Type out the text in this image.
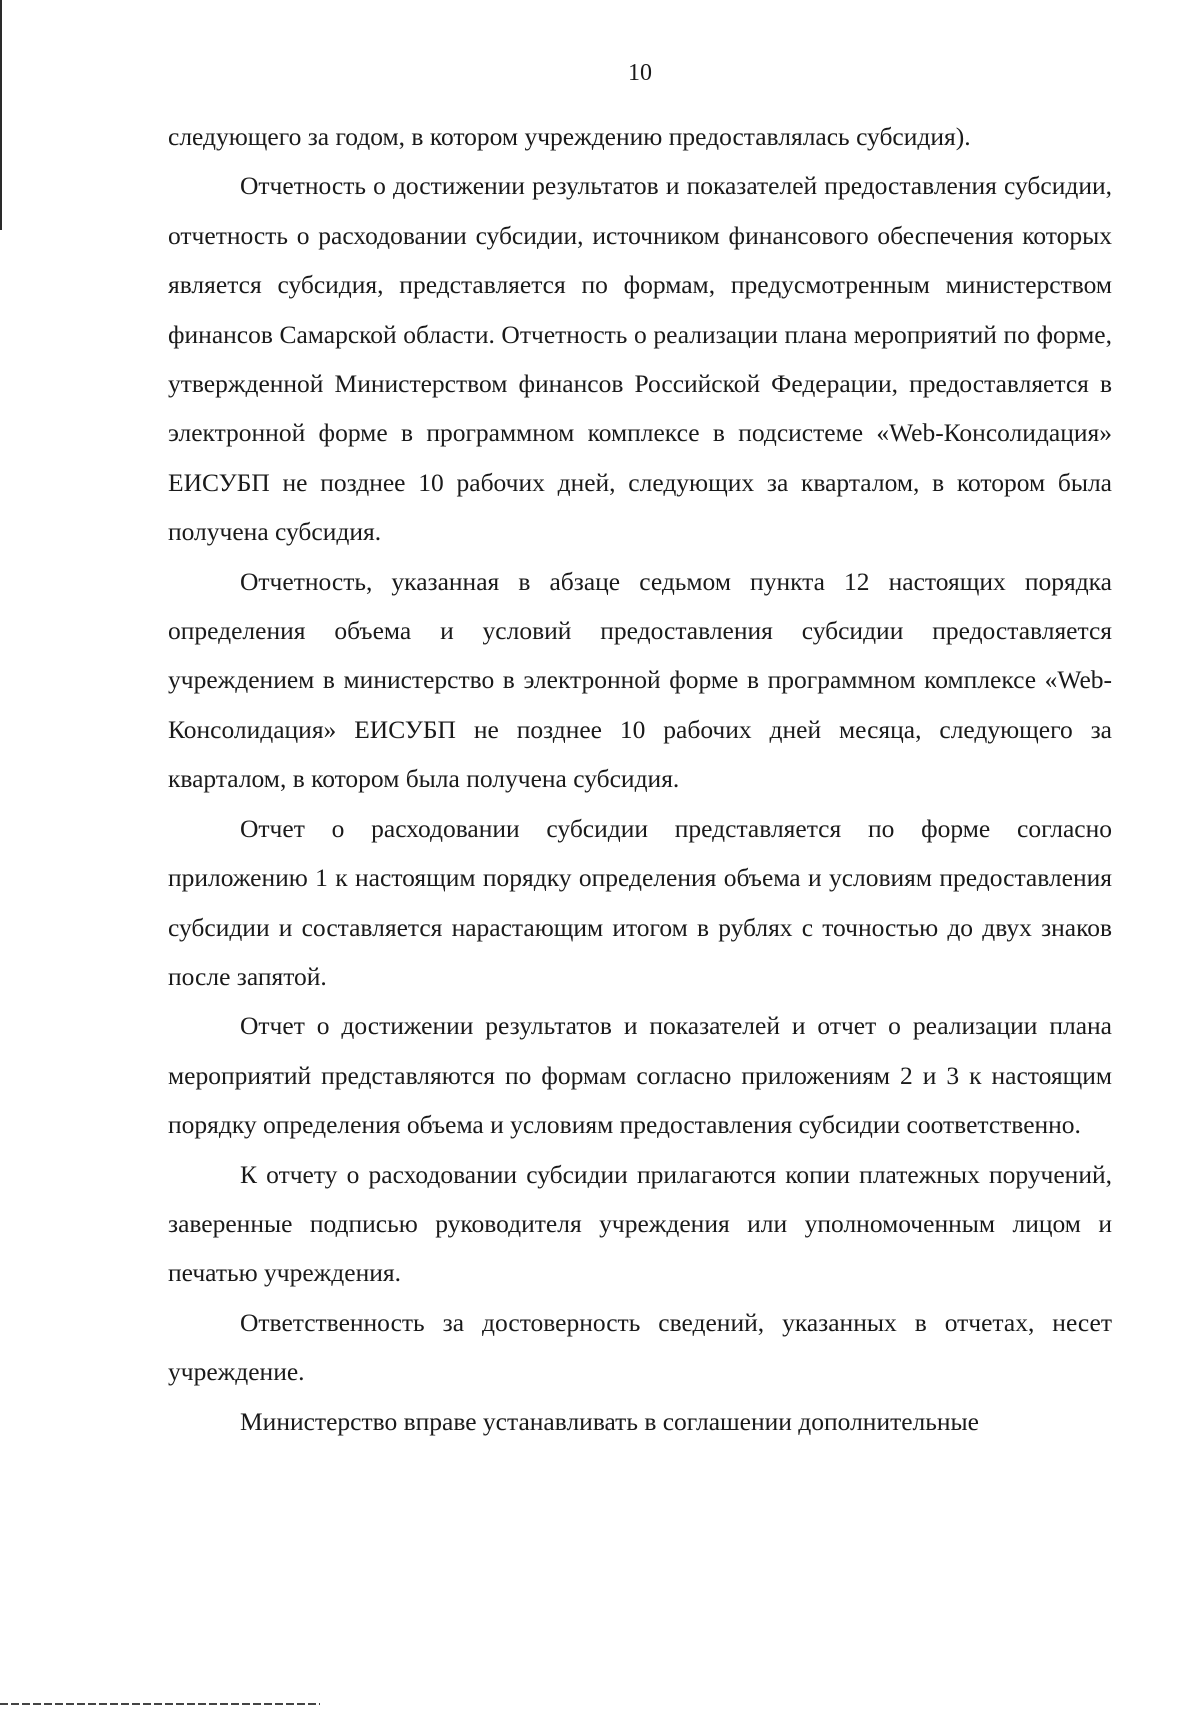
10

следующего за годом, в котором учреждению предоставлялась субсидия).

Отчетность о достижении результатов и показателей предоставления субсидии, отчетность о расходовании субсидии, источником финансового обеспечения которых является субсидия, представляется по формам, предусмотренным министерством финансов Самарской области. Отчетность о реализации плана мероприятий по форме, утвержденной Министерством финансов Российской Федерации, предоставляется в электронной форме в программном комплексе в подсистеме «Web-Консолидация» ЕИСУБП не позднее 10 рабочих дней, следующих за кварталом, в котором была получена субсидия.

Отчетность, указанная в абзаце седьмом пункта 12 настоящих порядка определения объема и условий предоставления субсидии предоставляется учреждением в министерство в электронной форме в программном комплексе «Web-Консолидация» ЕИСУБП не позднее 10 рабочих дней месяца, следующего за кварталом, в котором была получена субсидия.

Отчет о расходовании субсидии представляется по форме согласно приложению 1 к настоящим порядку определения объема и условиям предоставления субсидии и составляется нарастающим итогом в рублях с точностью до двух знаков после запятой.

Отчет о достижении результатов и показателей и отчет о реализации плана мероприятий представляются по формам согласно приложениям 2 и 3 к настоящим порядку определения объема и условиям предоставления субсидии соответственно.

К отчету о расходовании субсидии прилагаются копии платежных поручений, заверенные подписью руководителя учреждения или уполномоченным лицом и печатью учреждения.

Ответственность за достоверность сведений, указанных в отчетах, несет учреждение.

Министерство вправе устанавливать в соглашении дополнительные
